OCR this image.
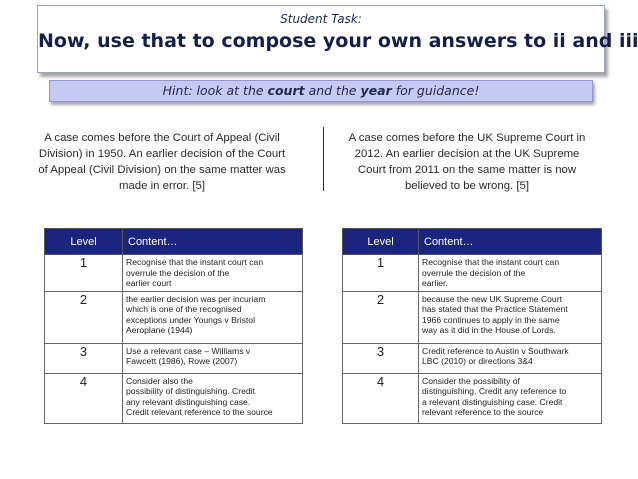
Student Task:
Now, use that to compose your own answers to ii and iii
Hint: look at the court and the year for guidance!
A case comes before the Court of Appeal (Civil Division) in 1950. An earlier decision of the Court of Appeal (Civil Division) on the same matter was made in error. [5]
A case comes before the UK Supreme Court in 2012. An earlier decision at the UK Supreme Court from 2011 on the same matter is now believed to be wrong. [5]
Level	Content…
1	Recognise that the instant court can
overrule the decision of the
earlier court
2	the earlier decision was per incuriam
which is one of the recognised
exceptions under Youngs v Bristol
Aeroplane (1944)
3	Use a relevant case – Williams v
Fawcett (1986), Rowe (2007)
4	Consider also the
possibility of distinguishing. Credit
any relevant distinguishing case.
Credit relevant reference to the source
Level	Content…
1	Recognise that the instant court can
overrule the decision of the
earlier.
2	because the new UK Supreme Court
has stated that the Practice Statement
1966 continues to apply in the same
way as it did in the House of Lords.
3	Credit reference to Austin v Southwark
LBC (2010) or directions 3&4
4	Consider the possibility of
distinguishing. Credit any reference to
a relevant distinguishing case. Credit
relevant reference to the source
